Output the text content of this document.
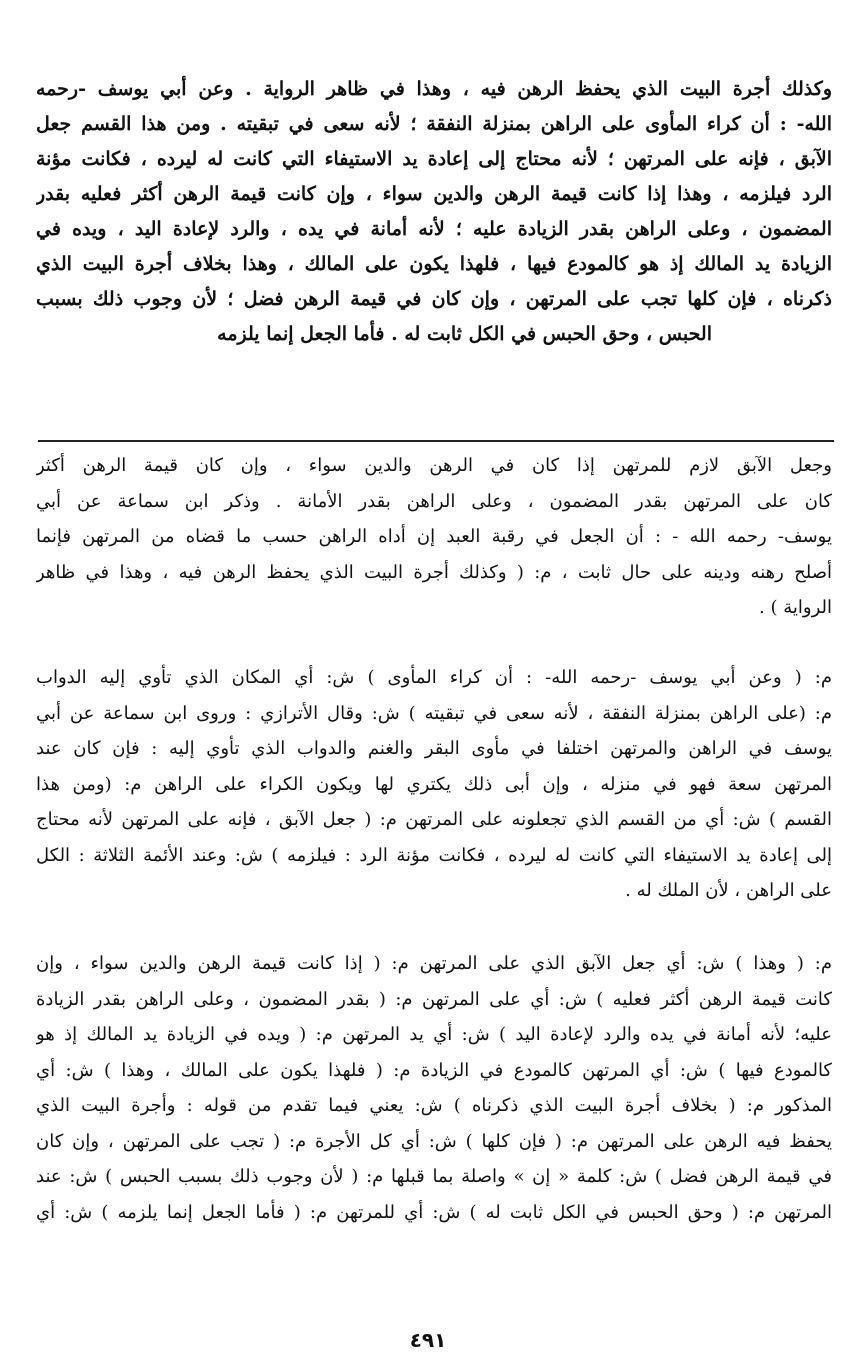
وكذلك أجرة البيت الذي يحفظ الرهن فيه ، وهذا في ظاهر الرواية . وعن أبي يوسف -رحمه
الله- : أن كراء المأوى على الراهن بمنزلة النفقة ؛ لأنه سعى في تبقيته . ومن هذا القسم جعل
الآبق ، فإنه على المرتهن ؛ لأنه محتاج إلى إعادة يد الاستيفاء التي كانت له ليرده ، فكانت مؤنة
الرد فيلزمه ، وهذا إذا كانت قيمة الرهن والدين سواء ، وإن كانت قيمة الرهن أكثر فعليه بقدر
المضمون ، وعلى الراهن بقدر الزيادة عليه ؛ لأنه أمانة في يده ، والرد لإعادة اليد ، ويده في
الزيادة يد المالك إذ هو كالمودع فيها ، فلهذا يكون على المالك ، وهذا بخلاف أجرة البيت الذي
ذكرناه ، فإن كلها تجب على المرتهن ، وإن كان في قيمة الرهن فضل ؛ لأن وجوب ذلك بسبب
الحبس ، وحق الحبس في الكل ثابت له . فأما الجعل إنما يلزمه
وجعل الآبق لازم للمرتهن إذا كان في الرهن والدين سواء ، وإن كان قيمة الرهن أكثر
كان على المرتهن بقدر المضمون ، وعلى الراهن بقدر الأمانة . وذكر ابن سماعة عن أبي
يوسف- رحمه الله - : أن الجعل في رقبة العبد إن أداه الراهن حسب ما قضاه من المرتهن فإنما
أصلح رهنه ودينه على حال ثابت ، م: ( وكذلك أجرة البيت الذي يحفظ الرهن فيه ، وهذا في ظاهر
الرواية ) .
م: ( وعن أبي يوسف -رحمه الله- : أن كراء المأوى ) ش: أي المكان الذي تأوي إليه الدواب
م: (على الراهن بمنزلة النفقة ، لأنه سعى في تبقيته ) ش: وقال الأترازي : وروى ابن سماعة عن أبي
يوسف في الراهن والمرتهن اختلفا في مأوى البقر والغنم والدواب الذي تأوي إليه : فإن كان عند
المرتهن سعة فهو في منزله ، وإن أبى ذلك يكتري لها ويكون الكراء على الراهن م: (ومن هذا
القسم ) ش: أي من القسم الذي تجعلونه على المرتهن م: ( جعل الآبق ، فإنه على المرتهن لأنه محتاج
إلى إعادة يد الاستيفاء التي كانت له ليرده ، فكانت مؤنة الرد : فيلزمه ) ش: وعند الأئمة الثلاثة : الكل
على الراهن ، لأن الملك له .
م: ( وهذا ) ش: أي جعل الآبق الذي على المرتهن م: ( إذا كانت قيمة الرهن والدين سواء ، وإن
كانت قيمة الرهن أكثر فعليه ) ش: أي على المرتهن م: ( بقدر المضمون ، وعلى الراهن بقدر الزيادة
عليه؛ لأنه أمانة في يده والرد لإعادة اليد ) ش: أي يد المرتهن م: ( ويده في الزيادة يد المالك إذ هو
كالمودع فيها ) ش: أي المرتهن كالمودع في الزيادة م: ( فلهذا يكون على المالك ، وهذا ) ش: أي
المذكور م: ( بخلاف أجرة البيت الذي ذكرناه ) ش: يعني فيما تقدم من قوله : وأجرة البيت الذي
يحفظ فيه الرهن على المرتهن م: ( فإن كلها ) ش: أي كل الأجرة م: ( تجب على المرتهن ، وإن كان
في قيمة الرهن فضل ) ش: كلمة « إن » واصلة بما قبلها م: ( لأن وجوب ذلك بسبب الحبس ) ش: عند
المرتهن م: ( وحق الحبس في الكل ثابت له ) ش: أي للمرتهن م: ( فأما الجعل إنما يلزمه ) ش: أي
٤٩١
